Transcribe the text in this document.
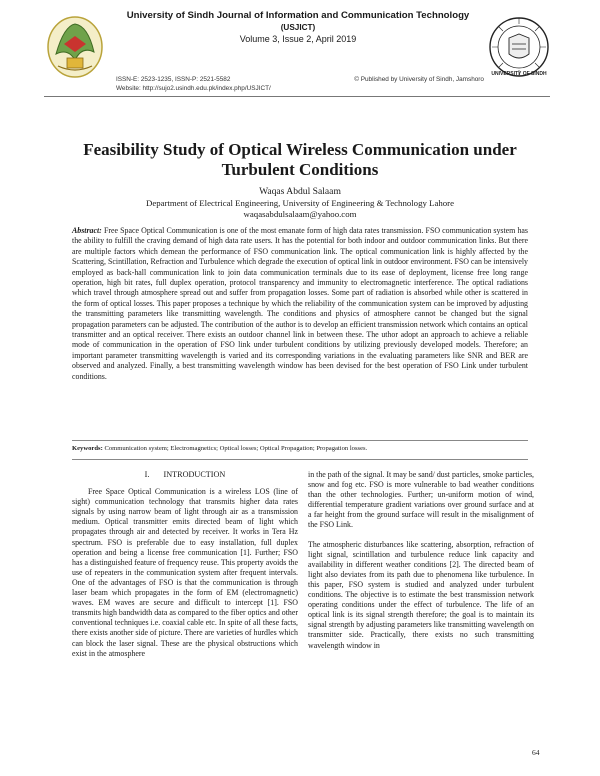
University of Sindh Journal of Information and Communication Technology
(USJICT)
Volume 3, Issue 2, April 2019
ISSN-E: 2523-1235, ISSN-P: 2521-5582	© Published by University of Sindh, Jamshoro
Website: http://sujo2.usindh.edu.pk/index.php/USJICT/
UNIVERSITY OF SINDH
Feasibility Study of Optical Wireless Communication under
Turbulent Conditions
Waqas Abdul Salaam
Department of Electrical Engineering, University of Engineering & Technology Lahore
waqasabdulsalaam@yahoo.com
Abstract: Free Space Optical Communication is one of the most emanate form of high data rates transmission. FSO communication system has the ability to fulfill the craving demand of high data rate users. It has the potential for both indoor and outdoor communication links. But there are multiple factors which demean the performance of FSO communication link. The optical communication link is highly affected by the Scattering, Scintillation, Refraction and Turbulence which degrade the execution of optical link in outdoor environment. FSO can be intensively employed as back-hall communication link to join data communication terminals due to its ease of deployment, license free long range operation, high bit rates, full duplex operation, protocol transparency and immunity to electromagnetic interference. The optical radiations which travel through atmosphere spread out and suffer from propagation losses. Some part of radiation is absorbed while other is scattered in the form of optical losses. This paper proposes a technique by which the reliability of the communication system can be improved by adjusting the transmitting parameters like transmitting wavelength. The conditions and physics of atmosphere cannot be changed but the signal propagation parameters can be adjusted. The contribution of the author is to develop an efficient transmission network which contains an optical transmitter and an optical receiver. There exists an outdoor channel link in between these. The uthor adopt an approach to achieve a reliable mode of communication in the operation of FSO link under turbulent conditions by utilizing previously developed models. Therefore; an important parameter transmitting wavelength is varied and its corresponding variations in the evaluating parameters like SNR and BER are observed and analyzed. Finally, a best transmitting wavelength window has been devised for the best operation of FSO Link under turbulent conditions.
Keywords: Communication system; Electromagnetics; Optical losses; Optical Propagation; Propagation losses.
I. INTRODUCTION

Free Space Optical Communication is a wireless LOS (line of sight) communication technology that transmits higher data rates signals by using narrow beam of light through air as a transmission medium. Optical transmitter emits directed beam of light which propagates through air and detected by receiver. It works in Tera Hz spectrum. FSO is preferable due to easy installation, full duplex operation and being a license free communication [1]. Further; FSO has a distinguished feature of frequency reuse. This property avoids the use of repeaters in the communication system after frequent intervals. One of the advantages of FSO is that the communication is through laser beam which propagates in the form of EM (electromagnetic) waves. EM waves are secure and difficult to intercept [1]. FSO transmits high bandwidth data as compared to the fiber optics and other conventional techniques i.e. coaxial cable etc. In spite of all these facts, there exists another side of picture. There are varieties of hurdles which can block the laser signal. These are the physical obstructions which exist in the atmosphere

in the path of the signal. It may be sand/ dust particles, smoke particles, snow and fog etc. FSO is more vulnerable to bad weather conditions than the other technologies. Further; un-uniform motion of wind, differential temperature gradient variations over ground surface and at a far height from the ground surface will result in the misalignment of the FSO Link.

The atmospheric disturbances like scattering, absorption, refraction of light signal, scintillation and turbulence reduce link capacity and availability in different weather conditions [2]. The directed beam of light also deviates from its path due to phenomena like turbulence. In this paper, FSO system is studied and analyzed under turbulent conditions. The objective is to estimate the best transmission network operating conditions under the effect of turbulence. The life of an optical link is its signal strength therefore; the goal is to maintain its signal strength by adjusting parameters like transmitting wavelength on transmitter side. Practically, there exists no such transmitting wavelength window in

64
